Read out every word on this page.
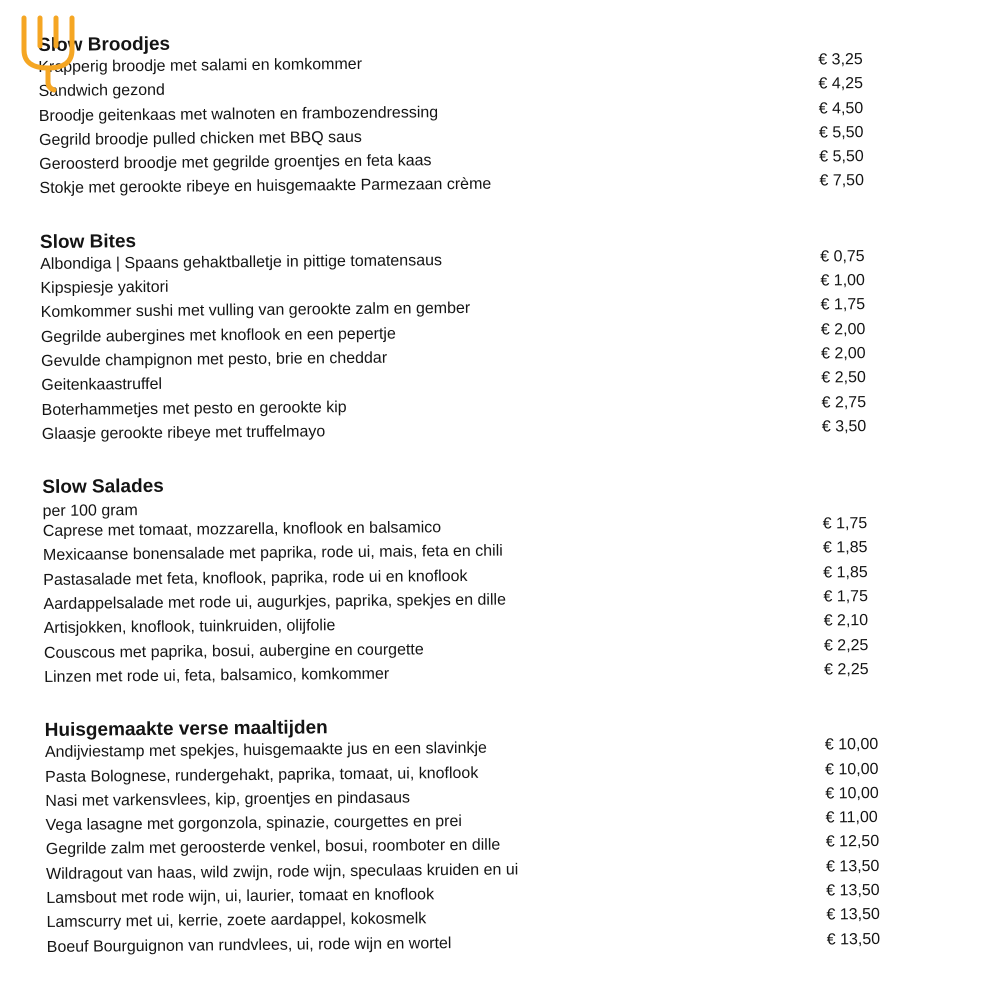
Slow Broodjes
Krapperig broodje met salami en komkommer	€ 3,25
Sandwich gezond	€ 4,25
Broodje geitenkaas met walnoten en frambozendressing	€ 4,50
Gegrild broodje pulled chicken met BBQ saus	€ 5,50
Geroosterd broodje met gegrilde groentjes en feta kaas	€ 5,50
Stokje met gerookte ribeye en huisgemaakte Parmezaan crème	€ 7,50
Slow Bites
Albondiga | Spaans gehaktballetje in pittige tomatensaus	€ 0,75
Kipspiesje yakitori	€ 1,00
Komkommer sushi met vulling van gerookte zalm en gember	€ 1,75
Gegrilde aubergines met knoflook en een pepertje	€ 2,00
Gevulde champignon met pesto, brie en cheddar	€ 2,00
Geitenkaastruffel	€ 2,50
Boterhammetjes met pesto en gerookte kip	€ 2,75
Glaasje gerookte ribeye met truffelmayo	€ 3,50
Slow Salades
per 100 gram
Caprese met tomaat, mozzarella, knoflook en balsamico	€ 1,75
Mexicaanse bonensalade met paprika, rode ui, mais, feta en chili	€ 1,85
Pastasalade met feta, knoflook, paprika, rode ui en knoflook	€ 1,85
Aardappelsalade met rode ui, augurkjes, paprika, spekjes en dille	€ 1,75
Artisjokken, knoflook, tuinkruiden, olijfolie	€ 2,10
Couscous met paprika, bosui, aubergine en courgette	€ 2,25
Linzen met rode ui, feta, balsamico, komkommer	€ 2,25
Huisgemaakte verse maaltijden
Andijviestamp met spekjes, huisgemaakte jus en een slavinkje	€ 10,00
Pasta Bolognese, rundergehakt, paprika, tomaat, ui, knoflook	€ 10,00
Nasi met varkensvlees, kip, groentjes en pindasaus	€ 10,00
Vega lasagne met gorgonzola, spinazie, courgettes en prei	€ 11,00
Gegrilde zalm met geroosterde venkel, bosui, roomboter en dille	€ 12,50
Wildragout van haas, wild zwijn, rode wijn, speculaas kruiden en ui	€ 13,50
Lamsbout met rode wijn, ui, laurier, tomaat en knoflook	€ 13,50
Lamscurry met ui, kerrie, zoete aardappel, kokosmelk	€ 13,50
Boeuf Bourguignon van rundvlees, ui, rode wijn en wortel	€ 13,50
